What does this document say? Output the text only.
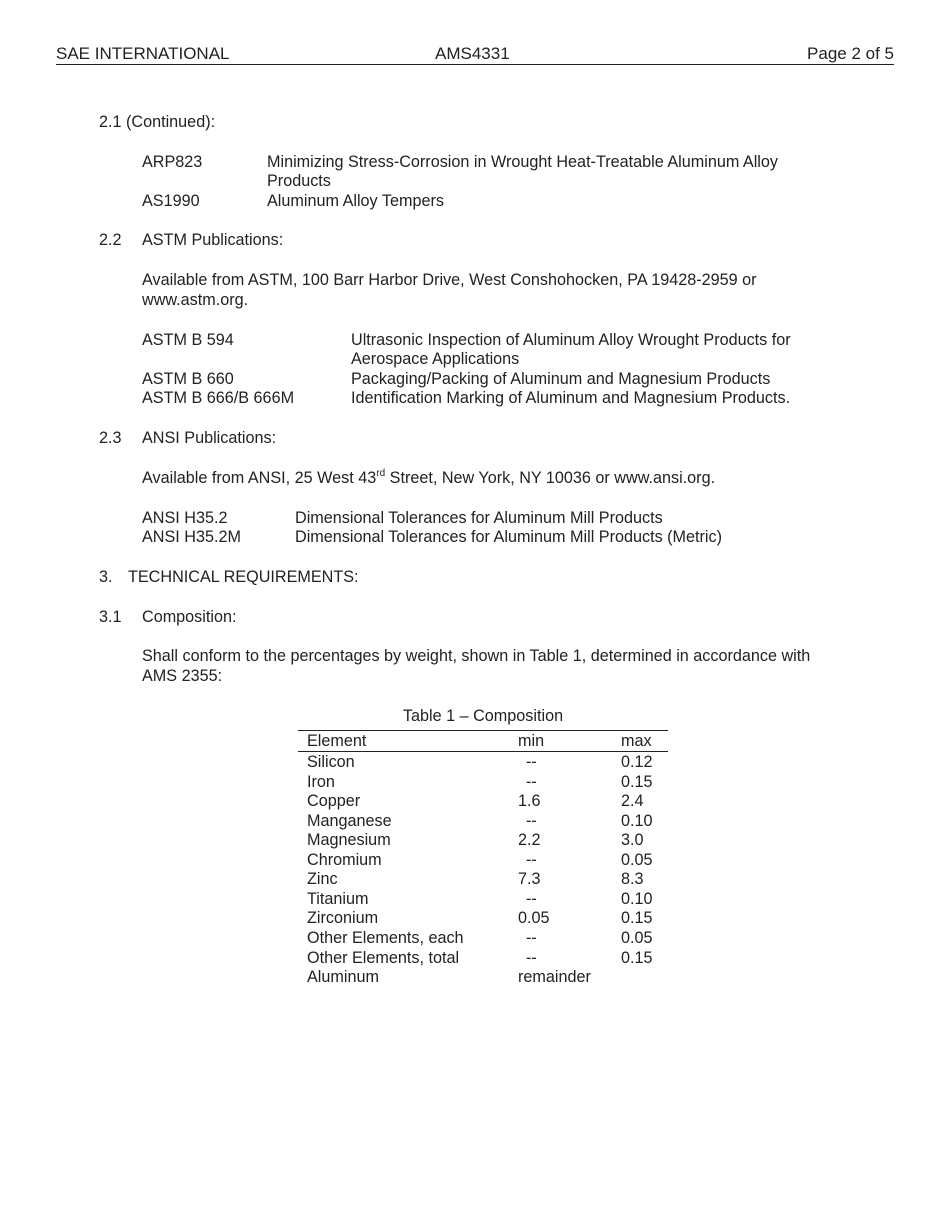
SAE INTERNATIONAL	AMS4331	Page 2 of 5
2.1 (Continued):
ARP823	Minimizing Stress-Corrosion in Wrought Heat-Treatable Aluminum Alloy
Products
AS1990	Aluminum Alloy Tempers
2.2 ASTM Publications:
Available from ASTM, 100 Barr Harbor Drive, West Conshohocken, PA 19428-2959 or
www.astm.org.
ASTM B 594	Ultrasonic Inspection of Aluminum Alloy Wrought Products for
Aerospace Applications
ASTM B 660	Packaging/Packing of Aluminum and Magnesium Products
ASTM B 666/B 666M	Identification Marking of Aluminum and Magnesium Products.
2.3 ANSI Publications:
Available from ANSI, 25 West 43rd Street, New York, NY 10036 or www.ansi.org.
ANSI H35.2	Dimensional Tolerances for Aluminum Mill Products
ANSI H35.2M	Dimensional Tolerances for Aluminum Mill Products (Metric)
3. TECHNICAL REQUIREMENTS:
3.1 Composition:
Shall conform to the percentages by weight, shown in Table 1, determined in accordance with
AMS 2355:
Table 1 – Composition
Element	min	max
Silicon	--	0.12
Iron	--	0.15
Copper	1.6	2.4
Manganese	--	0.10
Magnesium	2.2	3.0
Chromium	--	0.05
Zinc	7.3	8.3
Titanium	--	0.10
Zirconium	0.05	0.15
Other Elements, each	--	0.05
Other Elements, total	--	0.15
Aluminum	remainder
